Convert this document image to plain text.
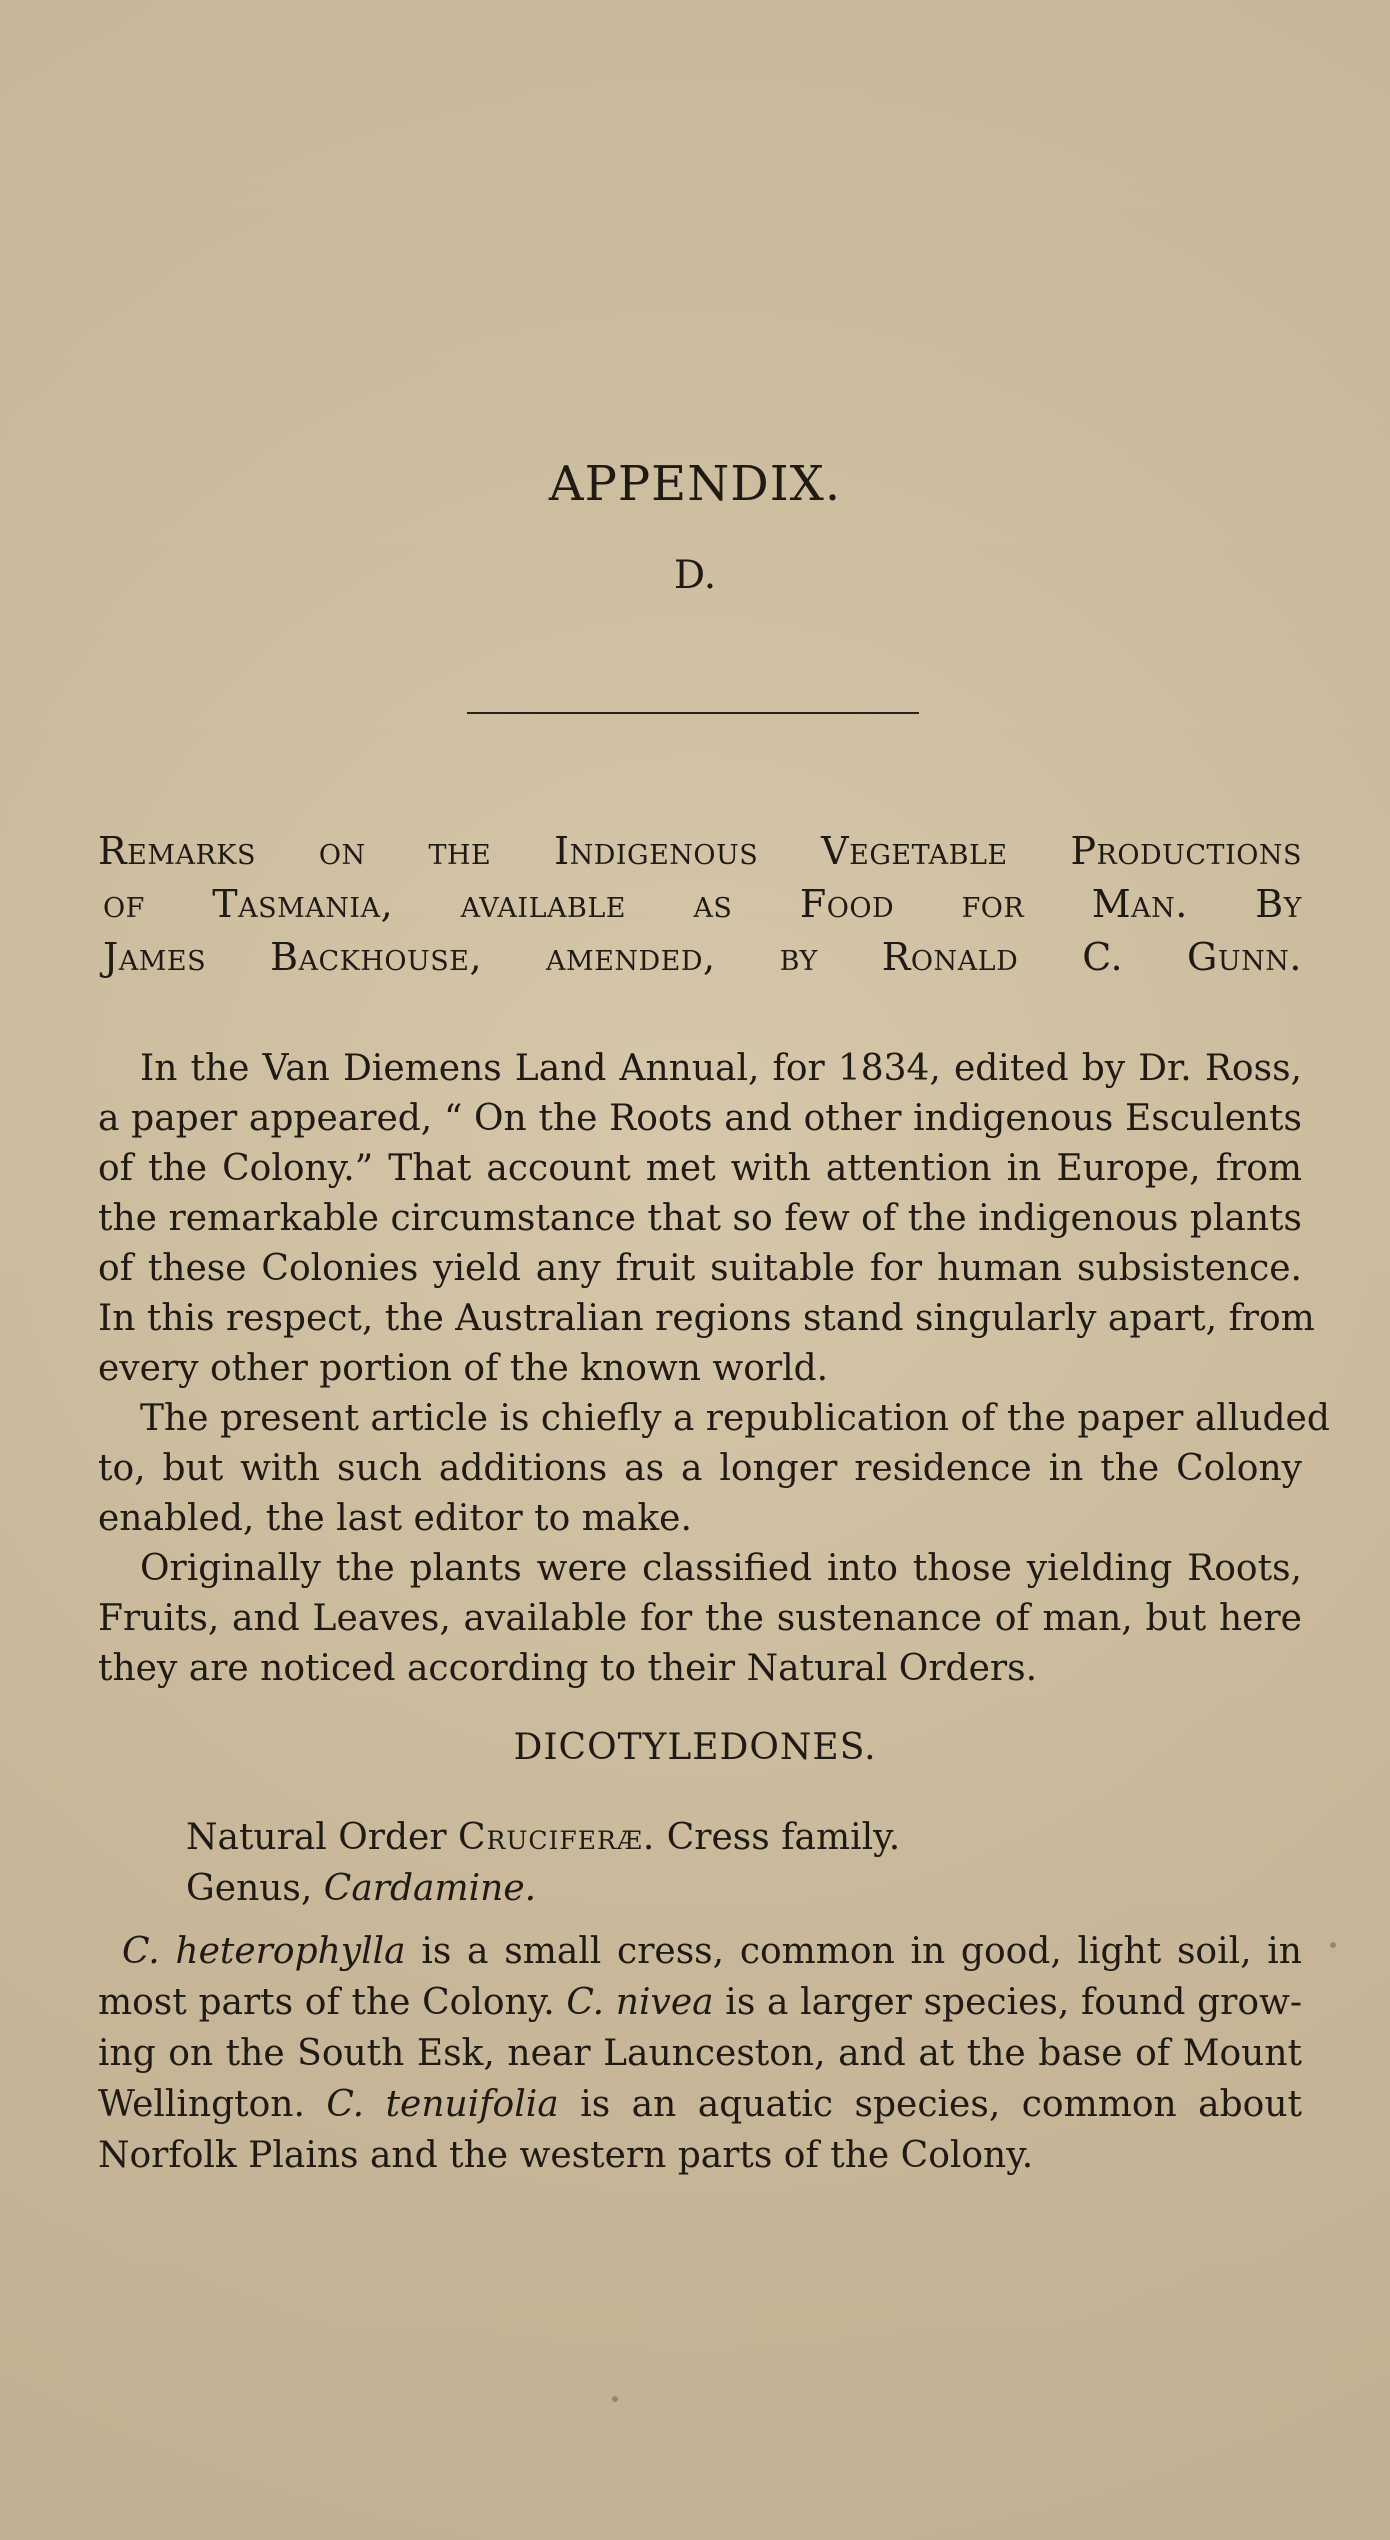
APPENDIX.
D.
Remarks on the Indigenous Vegetable Productions
of Tasmania, available as Food for Man. By
James Backhouse, amended, by Ronald C. Gunn.
In the Van Diemens Land Annual, for 1834, edited by Dr. Ross,
a paper appeared, “ On the Roots and other indigenous Esculents
of the Colony.” That account met with attention in Europe, from
the remarkable circumstance that so few of the indigenous plants
of these Colonies yield any fruit suitable for human subsistence.
In this respect, the Australian regions stand singularly apart, from
every other portion of the known world.
The present article is chiefly a republication of the paper alluded
to, but with such additions as a longer residence in the Colony
enabled, the last editor to make.
Originally the plants were classified into those yielding Roots,
Fruits, and Leaves, available for the sustenance of man, but here
they are noticed according to their Natural Orders.
DICOTYLEDONES.
Natural Order Cruciferæ. Cress family.
Genus, Cardamine.
C. heterophylla is a small cress, common in good, light soil, in
most parts of the Colony. C. nivea is a larger species, found grow-
ing on the South Esk, near Launceston, and at the base of Mount
Wellington. C. tenuifolia is an aquatic species, common about
Norfolk Plains and the western parts of the Colony.
